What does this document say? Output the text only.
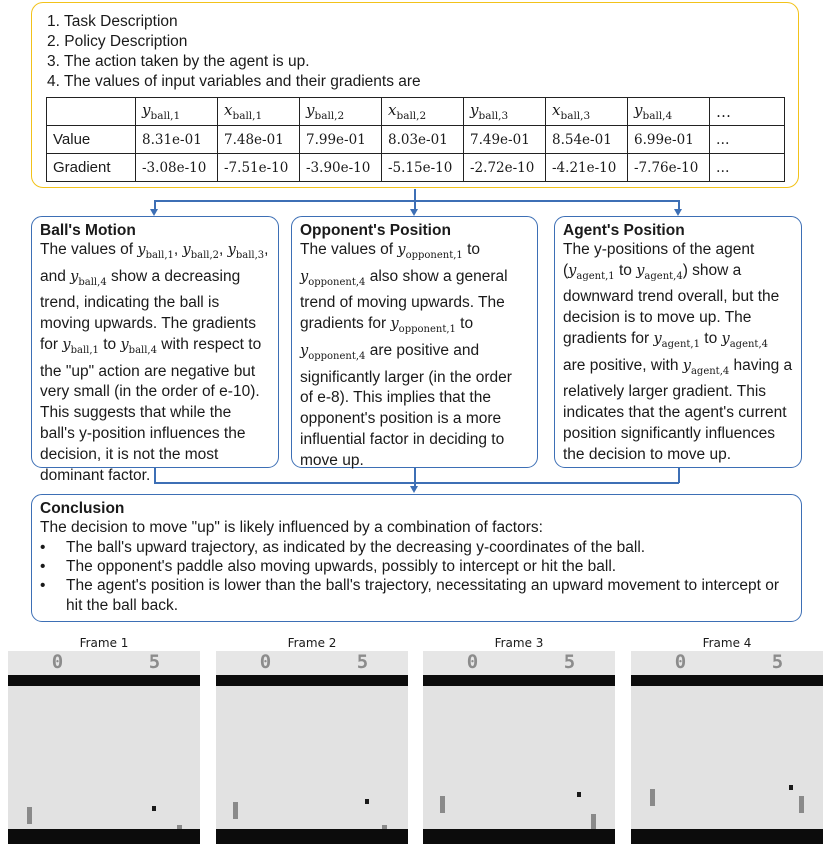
1. Task Description
2. Policy Description
3. The action taken by the agent is up.
4. The values of input variables and their gradients are
	$y_{ball,1}$	$x_{ball,1}$	$y_{ball,2}$	$x_{ball,2}$	$y_{ball,3}$	$x_{ball,3}$	$y_{ball,4}$	…
Value	8.31e-01	7.48e-01	7.99e-01	8.03e-01	7.49e-01	8.54e-01	6.99e-01	…
Gradient	-3.08e-10	-7.51e-10	-3.90e-10	-5.15e-10	-2.72e-10	-4.21e-10	-7.76e-10	…
Ball's Motion

The values of $y_{ball,1}$, $y_{ball,2}$, $y_{ball,3}$, and $y_{ball,4}$ show a decreasing trend, indicating the ball is moving upwards. The gradients for $y_{ball,1}$ to $y_{ball,4}$ with respect to the "up" action are negative but very small (in the order of e-10). This suggests that while the ball's y-position influences the decision, it is not the most dominant factor.

Opponent's Position

The values of $y_{opponent,1}$ to $y_{opponent,4}$ also show a general trend of moving upwards. The gradients for $y_{opponent,1}$ to $y_{opponent,4}$ are positive and significantly larger (in the order of e-8). This implies that the opponent's position is a more influential factor in deciding to move up.

Agent's Position

The y-positions of the agent ($y_{agent,1}$ to $y_{agent,4}$) show a downward trend overall, but the decision is to move up. The gradients for $y_{agent,1}$ to $y_{agent,4}$ are positive, with $y_{agent,4}$ having a relatively larger gradient. This indicates that the agent's current position significantly influences the decision to move up.

Conclusion
The decision to move "up" is likely influenced by a combination of factors:
• The ball's upward trajectory, as indicated by the decreasing y-coordinates of the ball.
• The opponent's paddle also moving upwards, possibly to intercept or hit the ball.
• The agent's position is lower than the ball's trajectory, necessitating an upward movement to intercept or hit the ball back.
Frame 1
0	5
Frame 2
0	5
Frame 3
0	5
Frame 4
0	5
